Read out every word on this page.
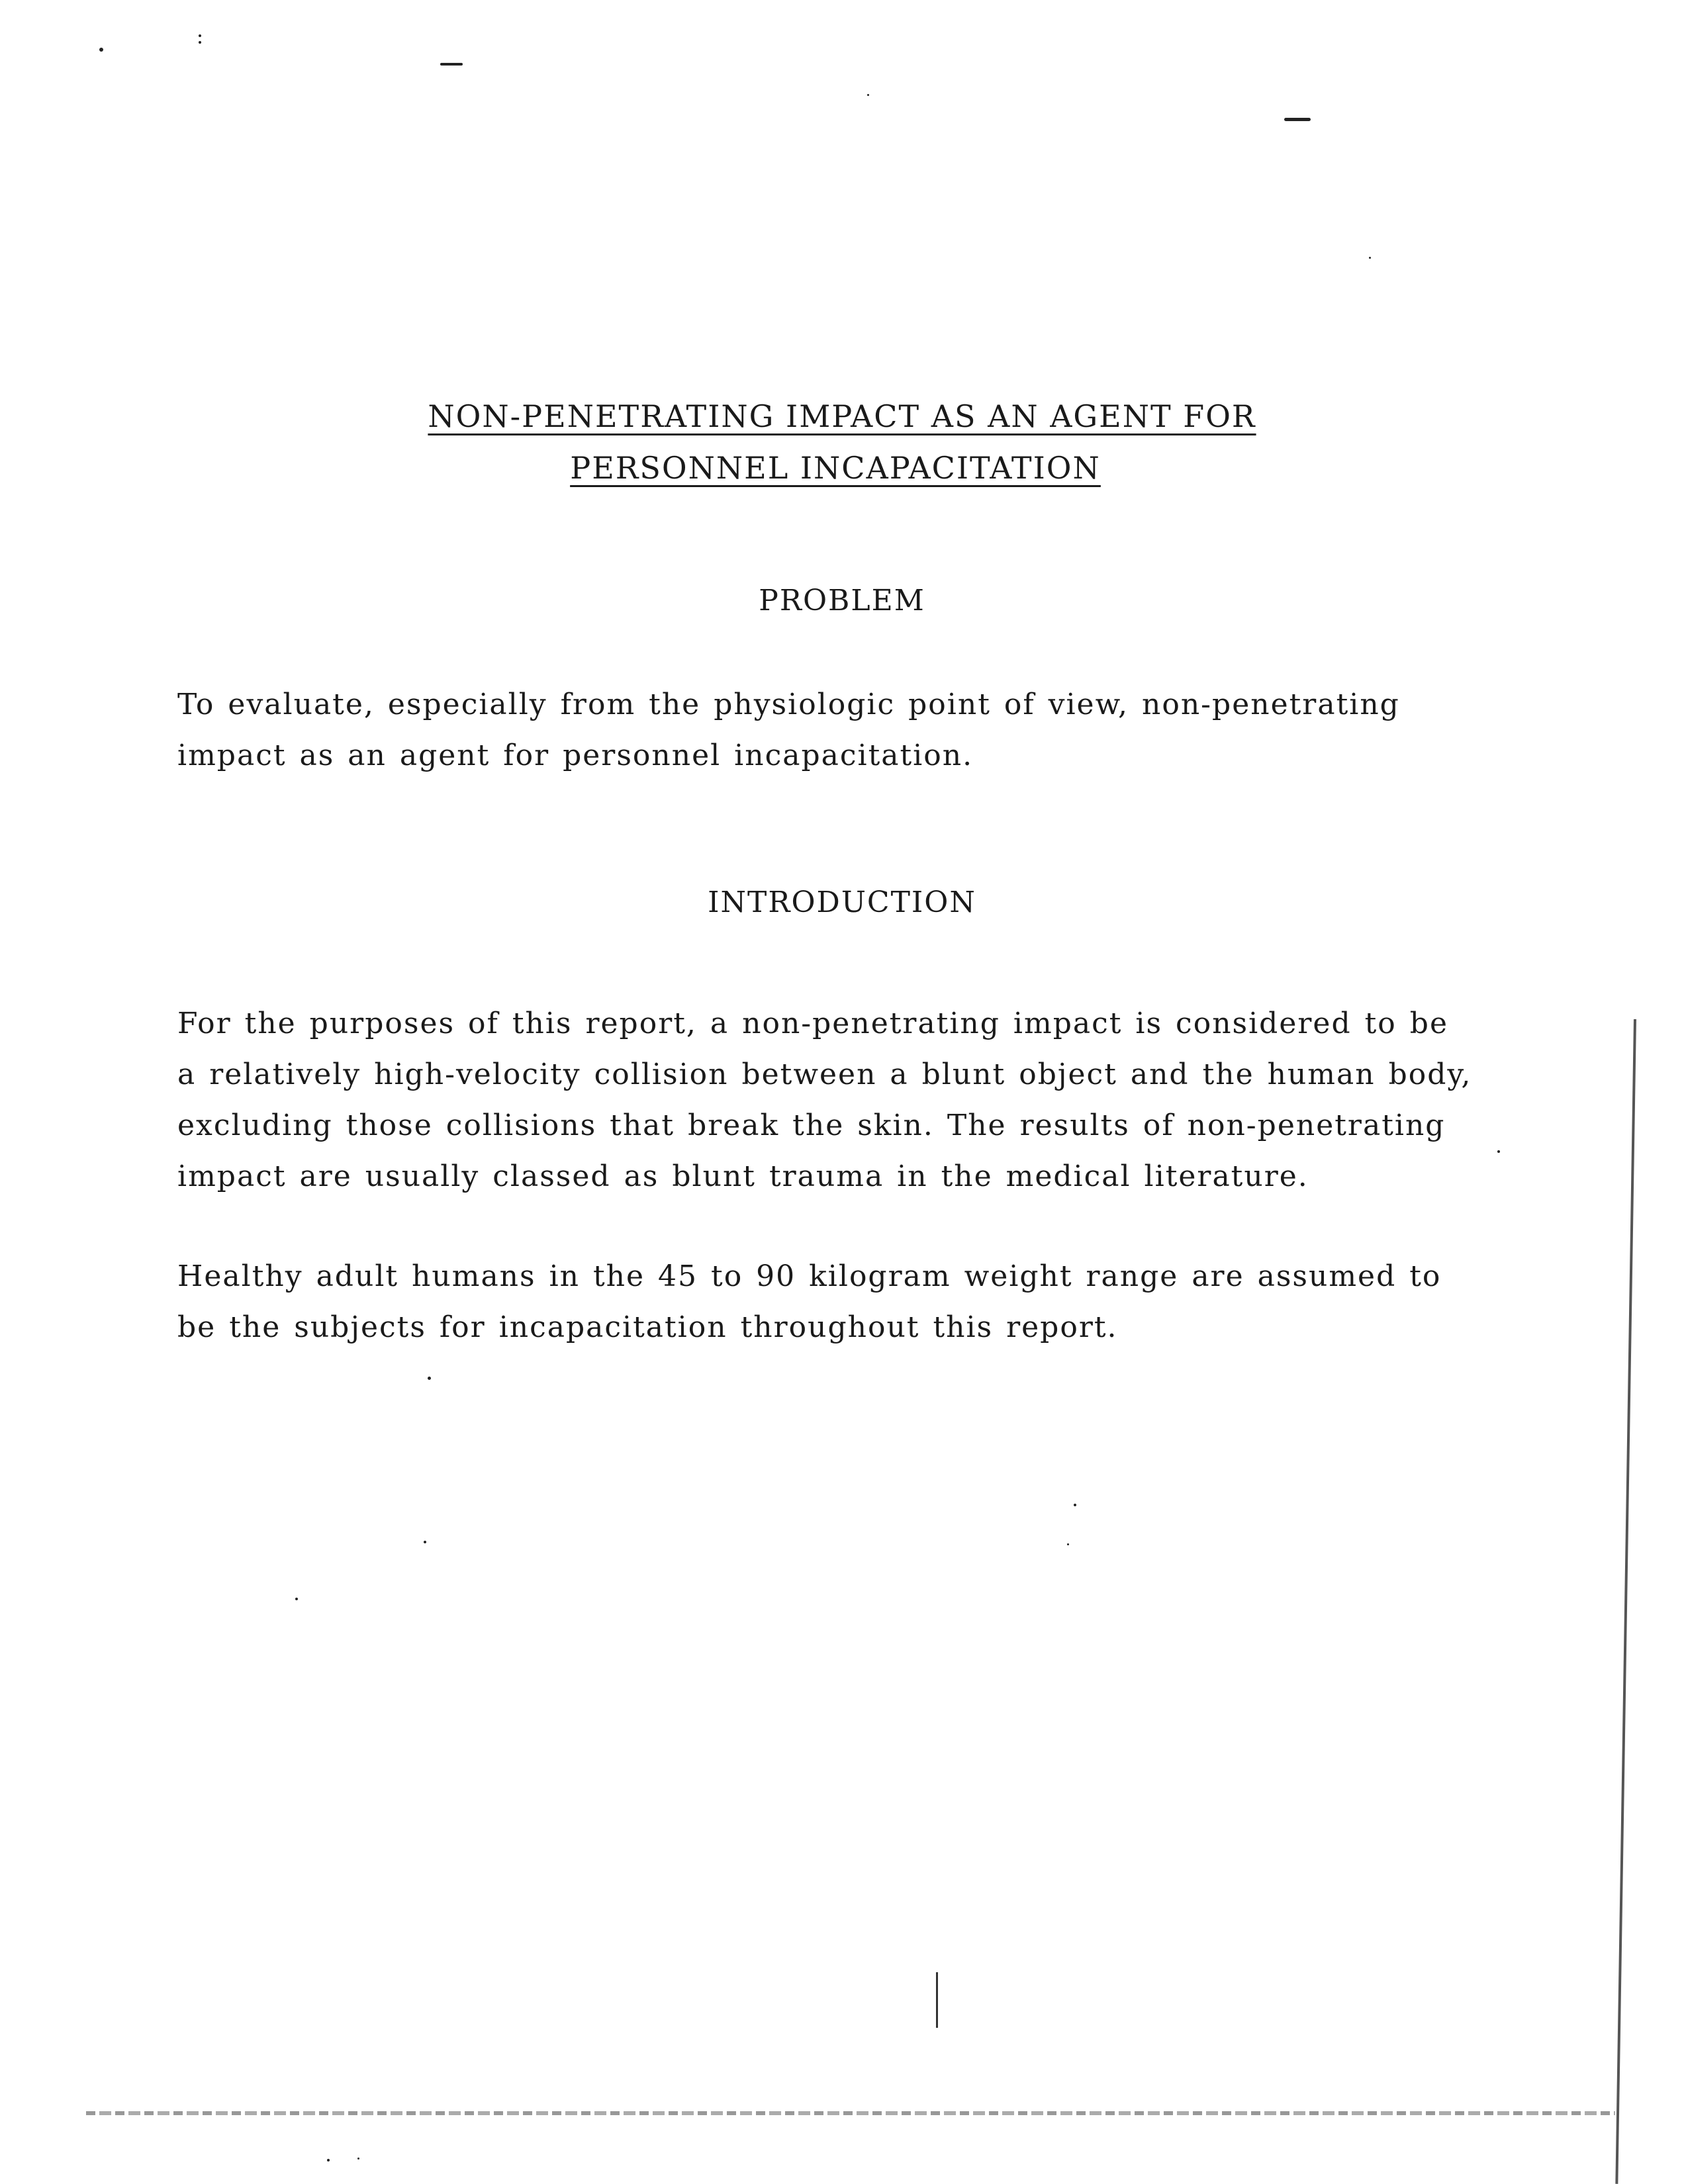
NON-PENETRATING IMPACT AS AN AGENT FOR
PERSONNEL INCAPACITATION
PROBLEM
To evaluate, especially from the physiologic point of view, non-penetrating
impact as an agent for personnel incapacitation.
INTRODUCTION
For the purposes of this report, a non-penetrating impact is considered to be
a relatively high-velocity collision between a blunt object and the human body,
excluding those collisions that break the skin. The results of non-penetrating
impact are usually classed as blunt trauma in the medical literature.
Healthy adult humans in the 45 to 90 kilogram weight range are assumed to
be the subjects for incapacitation throughout this report.
